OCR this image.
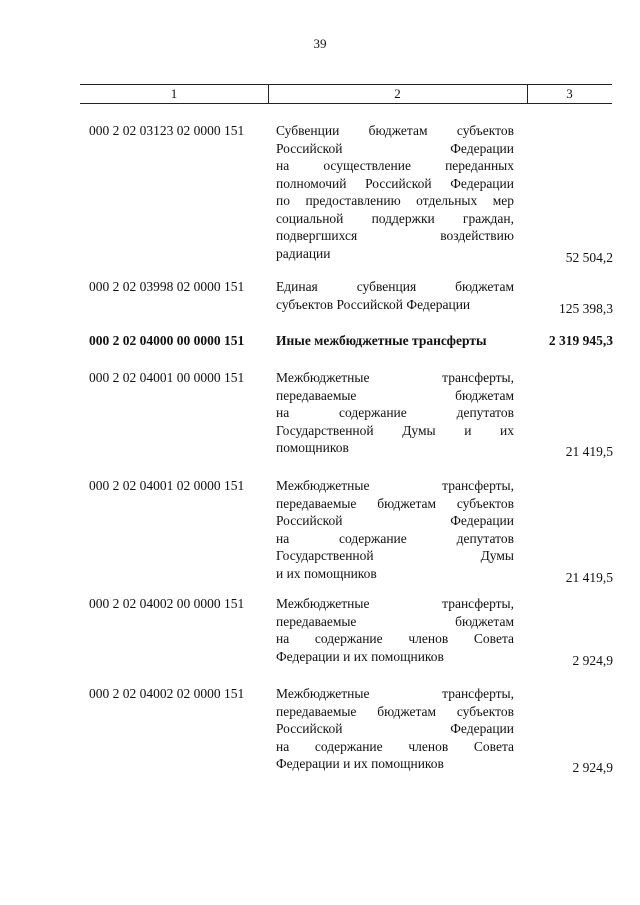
39
1	2	3
000 2 02 03123 02 0000 151 Субвенции бюджетам субъектов
Российской Федерации
на осуществление переданных
полномочий Российской Федерации
по предоставлению отдельных мер
социальной поддержки граждан,
подвергшихся воздействию
радиации	52 504,2
000 2 02 03998 02 0000 151 Единая субвенция бюджетам
субъектов Российской Федерации	125 398,3
000 2 02 04000 00 0000 151 Иные межбюджетные трансферты	2 319 945,3
000 2 02 04001 00 0000 151 Межбюджетные трансферты,
передаваемые бюджетам
на содержание депутатов
Государственной Думы и их
помощников	21 419,5
000 2 02 04001 02 0000 151 Межбюджетные трансферты,
передаваемые бюджетам субъектов
Российской Федерации
на содержание депутатов
Государственной Думы
и их помощников	21 419,5
000 2 02 04002 00 0000 151 Межбюджетные трансферты,
передаваемые бюджетам
на содержание членов Совета
Федерации и их помощников	2 924,9
000 2 02 04002 02 0000 151 Межбюджетные трансферты,
передаваемые бюджетам субъектов
Российской Федерации
на содержание членов Совета
Федерации и их помощников	2 924,9
